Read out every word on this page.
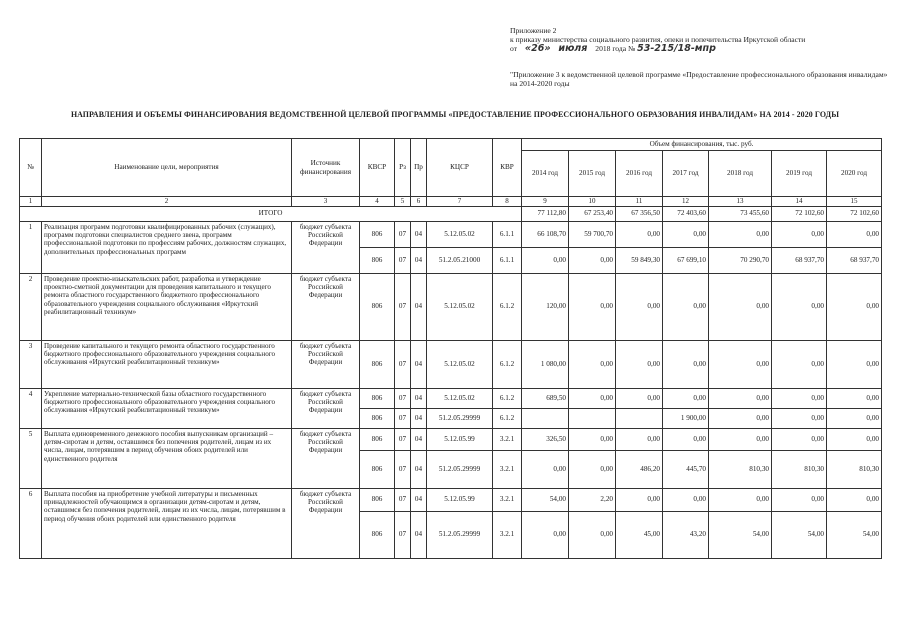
Приложение 2
к приказу министерства социального развития, опеки и попечительства Иркутской области
от «26» июля 2018 года № 53-215/18-мпр
"Приложение 3 к ведомственной целевой программе «Предоставление профессионального образования инвалидам» на 2014-2020 годы
НАПРАВЛЕНИЯ И ОБЪЕМЫ ФИНАНСИРОВАНИЯ ВЕДОМСТВЕННОЙ ЦЕЛЕВОЙ ПРОГРАММЫ «ПРЕДОСТАВЛЕНИЕ ПРОФЕССИОНАЛЬНОГО ОБРАЗОВАНИЯ ИНВАЛИДАМ» НА 2014 - 2020 ГОДЫ
№	Наименование цели, мероприятия	Источник финансирования	КВСР	Рз	Пр	КЦСР	КВР	Объем финансирования, тыс. руб.						
								2014 год	2015 год	2016 год	2017 год	2018 год	2019 год	2020 год
1	2	3	4	5	6	7	8	9	10	11	12	13	14	15
ИТОГО								77 112,80	67 253,40	67 356,50	72 403,60	73 455,60	72 102,60	72 102,60
1	Реализация программ подготовки квалифицированных рабочих (служащих), программ подготовки специалистов среднего звена, программ профессиональной подготовки по профессиям рабочих, должностям служащих, дополнительных профессиональных программ	бюджет субъекта Российской Федерации	806	07	04	5.12.05.02	6.1.1	66 108,70	59 700,70	0,00	0,00	0,00	0,00	0,00
			806	07	04	51.2.05.21000	6.1.1	0,00	0,00	59 849,30	67 699,10	70 290,70	68 937,70	68 937,70
2	Проведение проектно-изыскательских работ, разработка и утверждение проектно-сметной документации для проведения капитального и текущего ремонта областного государственного бюджетного профессионального образовательного учреждения социального обслуживания «Иркутский реабилитационный техникум»	бюджет субъекта Российской Федерации	806	07	04	5.12.05.02	6.1.2	120,00	0,00	0,00	0,00	0,00	0,00	0,00
3	Проведение капитального и текущего ремонта областного государственного бюджетного профессионального образовательного учреждения социального обслуживания «Иркутский реабилитационный техникум»	бюджет субъекта Российской Федерации	806	07	04	5.12.05.02	6.1.2	1 080,00	0,00	0,00	0,00	0,00	0,00	0,00
4	Укрепление материально-технической базы областного государственного бюджетного профессионального образовательного учреждения социального обслуживания «Иркутский реабилитационный техникум»	бюджет субъекта Российской Федерации	806	07	04	5.12.05.02	6.1.2	689,50	0,00	0,00	0,00	0,00	0,00	0,00
			806	07	04	51.2.05.29999	6.1.2				1 900,00	0,00	0,00	0,00
5	Выплата единовременного денежного пособия выпускникам организаций – детям-сиротам и детям, оставшимся без попечения родителей, лицам из их числа, лицам, потерявшим в период обучения обоих родителей или единственного родителя	бюджет субъекта Российской Федерации	806	07	04	5.12.05.99	3.2.1	326,50	0,00	0,00	0,00	0,00	0,00	0,00
			806	07	04	51.2.05.29999	3.2.1	0,00	0,00	486,20	445,70	810,30	810,30	810,30
6	Выплата пособия на приобретение учебной литературы и письменных принадлежностей обучающимся в организации детям-сиротам и детям, оставшимся без попечения родителей, лицам из их числа, лицам, потерявшим в период обучения обоих родителей или единственного родителя	бюджет субъекта Российской Федерации	806	07	04	5.12.05.99	3.2.1	54,00	2,20	0,00	0,00	0,00	0,00	0,00
			806	07	04	51.2.05.29999	3.2.1	0,00	0,00	45,00	43,20	54,00	54,00	54,00
